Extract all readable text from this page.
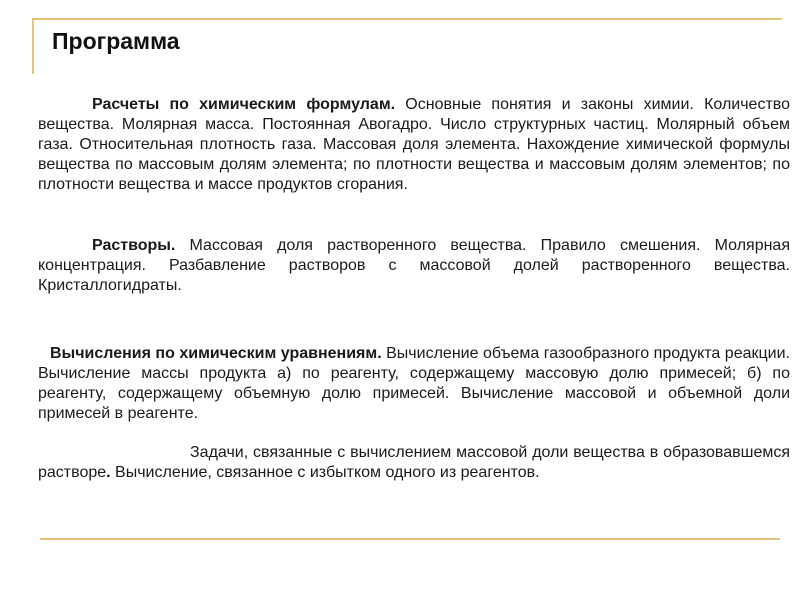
Программа
Расчеты по химическим формулам. Основные понятия и законы химии. Количество вещества. Молярная масса. Постоянная Авогадро. Число структурных частиц. Молярный объем газа. Относительная плотность газа. Массовая доля элемента. Нахождение химической формулы вещества по массовым долям элемента; по плотности вещества и массовым долям элементов; по плотности вещества и массе продуктов сгорания.
Растворы. Массовая доля растворенного вещества. Правило смешения. Молярная концентрация. Разбавление растворов с массовой долей растворенного вещества. Кристаллогидраты.
Вычисления по химическим уравнениям. Вычисление объема газообразного продукта реакции. Вычисление массы продукта а) по реагенту, содержащему массовую долю примесей; б) по реагенту, содержащему объемную долю примесей. Вычисление массовой и объемной доли примесей в реагенте.
Задачи, связанные с вычислением массовой доли вещества в образовавшемся растворе. Вычисление, связанное с избытком одного из реагентов.
